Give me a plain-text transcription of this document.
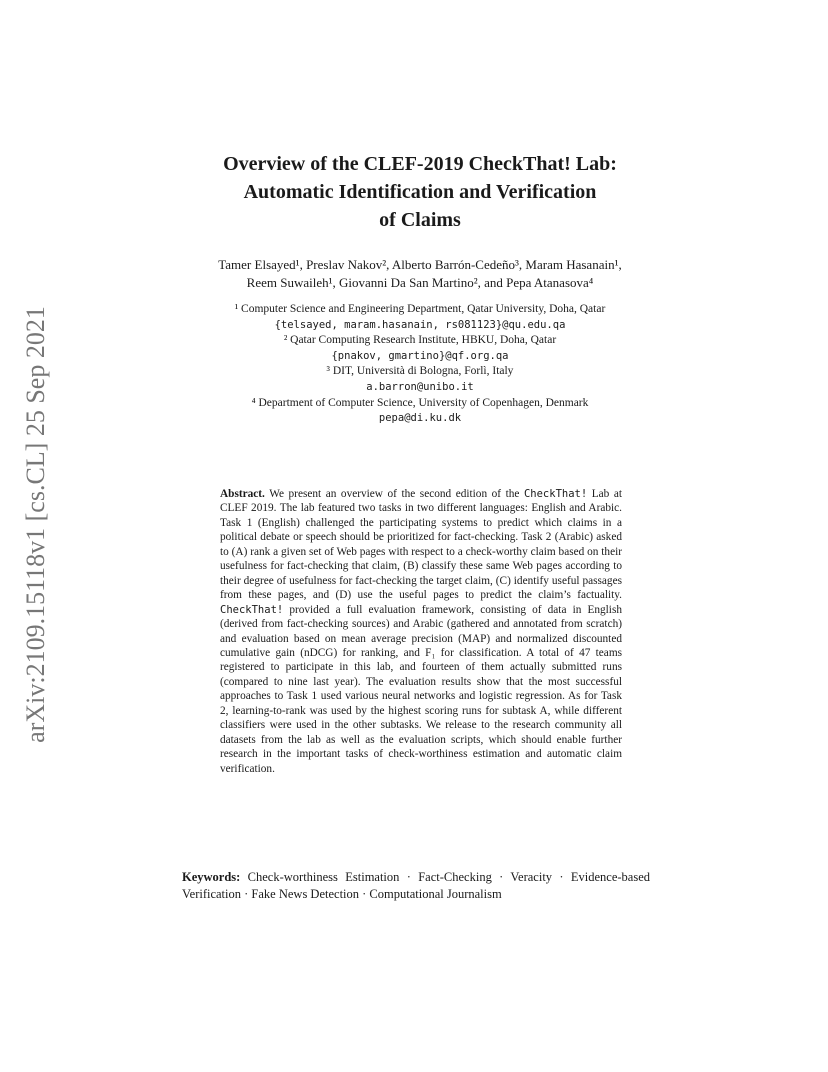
arXiv:2109.15118v1 [cs.CL] 25 Sep 2021
Overview of the CLEF-2019 CheckThat! Lab:
Automatic Identification and Verification
of Claims
Tamer Elsayed¹, Preslav Nakov², Alberto Barrón-Cedeño³, Maram Hasanain¹,
Reem Suwaileh¹, Giovanni Da San Martino², and Pepa Atanasova⁴
¹ Computer Science and Engineering Department, Qatar University, Doha, Qatar
{telsayed, maram.hasanain, rs081123}@qu.edu.qa
² Qatar Computing Research Institute, HBKU, Doha, Qatar
{pnakov, gmartino}@qf.org.qa
³ DIT, Università di Bologna, Forlì, Italy
a.barron@unibo.it
⁴ Department of Computer Science, University of Copenhagen, Denmark
pepa@di.ku.dk

Abstract. We present an overview of the second edition of the CheckThat! Lab at CLEF 2019. The lab featured two tasks in two different languages: English and Arabic. Task 1 (English) challenged the participating systems to predict which claims in a political debate or speech should be prioritized for fact-checking. Task 2 (Arabic) asked to (A) rank a given set of Web pages with respect to a check-worthy claim based on their usefulness for fact-checking that claim, (B) classify these same Web pages according to their degree of usefulness for fact-checking the target claim, (C) identify useful passages from these pages, and (D) use the useful pages to predict the claim’s factuality. CheckThat! provided a full evaluation framework, consisting of data in English (derived from fact-checking sources) and Arabic (gathered and annotated from scratch) and evaluation based on mean average precision (MAP) and normalized discounted cumulative gain (nDCG) for ranking, and F₁ for classification. A total of 47 teams registered to participate in this lab, and fourteen of them actually submitted runs (compared to nine last year). The evaluation results show that the most successful approaches to Task 1 used various neural networks and logistic regression. As for Task 2, learning-to-rank was used by the highest scoring runs for subtask A, while different classifiers were used in the other subtasks. We release to the research community all datasets from the lab as well as the evaluation scripts, which should enable further research in the important tasks of check-worthiness estimation and automatic claim verification.

Keywords: Check-worthiness Estimation · Fact-Checking · Veracity · Evidence-based Verification · Fake News Detection · Computational Journalism
